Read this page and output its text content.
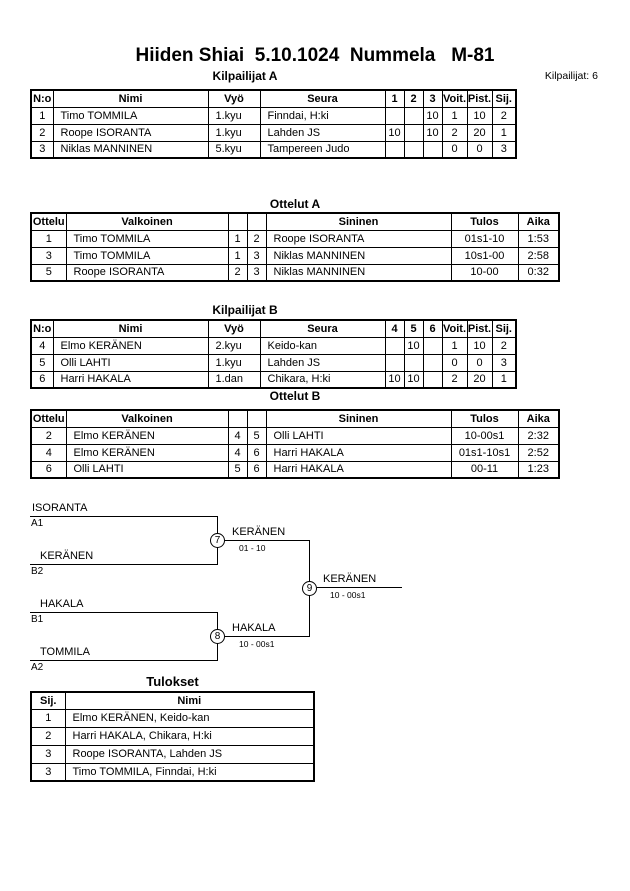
Hiiden Shiai  5.10.1024  Nummela   M-81
Kilpailijat A	Kilpailijat: 6
N:o	Nimi	Vyö	Seura	1	2	3	Voit.	Pist.	Sij.
1	Timo TOMMILA	1.kyu	Finndai, H:ki			10	1	10	2
2	Roope ISORANTA	1.kyu	Lahden JS	10		10	2	20	1
3	Niklas MANNINEN	5.kyu	Tampereen Judo				0	0	3
Ottelut A
Ottelu	Valkoinen			Sininen	Tulos	Aika
1	Timo TOMMILA	1	2	Roope ISORANTA	01s1-10	1:53
3	Timo TOMMILA	1	3	Niklas MANNINEN	10s1-00	2:58
5	Roope ISORANTA	2	3	Niklas MANNINEN	10-00	0:32
Kilpailijat B
N:o	Nimi	Vyö	Seura	4	5	6	Voit.	Pist.	Sij.
4	Elmo KERÄNEN	2.kyu	Keido-kan		10		1	10	2
5	Olli LAHTI	1.kyu	Lahden JS				0	0	3
6	Harri HAKALA	1.dan	Chikara, H:ki	10	10		2	20	1
Ottelut B
Ottelu	Valkoinen			Sininen	Tulos	Aika
2	Elmo KERÄNEN	4	5	Olli LAHTI	10-00s1	2:32
4	Elmo KERÄNEN	4	6	Harri HAKALA	01s1-10s1	2:52
6	Olli LAHTI	5	6	Harri HAKALA	00-11	1:23
ISORANTA
A1
KERÄNEN
B2
7
KERÄNEN
01 - 10
HAKALA
B1
TOMMILA
A2
8
HAKALA
10 - 00s1
9
KERÄNEN
10 - 00s1
Tulokset
Sij.	Nimi
1	Elmo KERÄNEN, Keido-kan
2	Harri HAKALA, Chikara, H:ki
3	Roope ISORANTA, Lahden JS
3	Timo TOMMILA, Finndai, H:ki
